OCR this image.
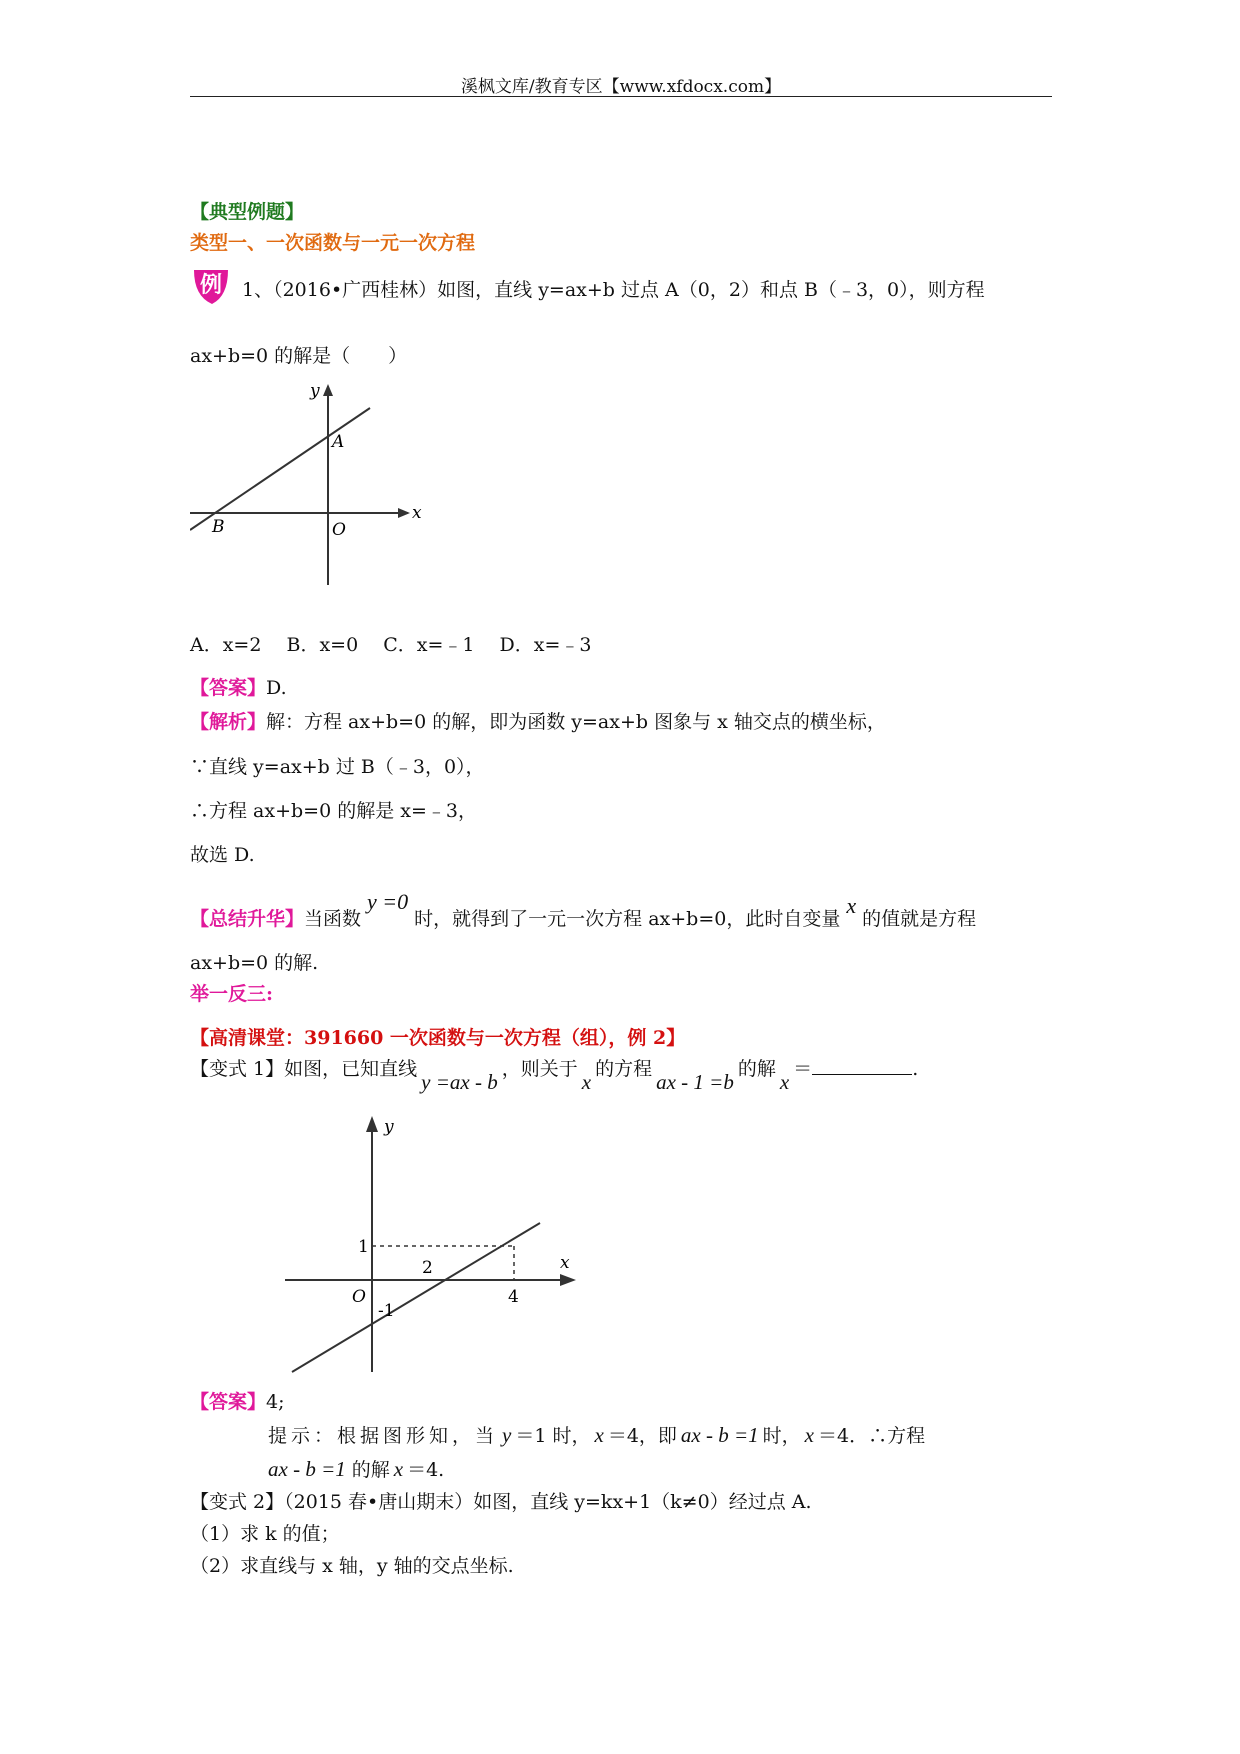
溪枫文库/教育专区【www.xfdocx.com】
【典型例题】
类型一、一次函数与一元一次方程
例 1、（2016•广西桂林）如图，直线 y=ax+b 过点 A（0，2）和点 B（﹣3，0），则方程
ax+b=0 的解是（　　）
y
x
A
B	O
A．x=2　 B．x=0　 C．x=﹣1　 D．x=﹣3
【答案】D.
【解析】解：方程 ax+b=0 的解，即为函数 y=ax+b 图象与 x 轴交点的横坐标，
∵直线 y=ax+b 过 B（﹣3，0），
∴方程 ax+b=0 的解是 x=﹣3，
故选 D.
【总结升华】当函数y =0时，就得到了一元一次方程 ax+b=0，此时自变量x的值就是方程
ax+b=0 的解.
举一反三:
【高清课堂：391660 一次函数与一次方程（组），例 2】
【变式 1】如图，已知直线y =ax - b，则关于x的方程ax - 1 =b的解x＝	.
y
x
O
1
2
4
-1
【答案】4;
提示：根据图形知，当 y ＝1 时， x ＝4，即 ax - b =1 时， x ＝4．∴方程
ax - b =1 的解 x ＝4.
【变式 2】（2015 春•唐山期末）如图，直线 y=kx+1（k≠0）经过点 A.
（1）求 k 的值；
（2）求直线与 x 轴，y 轴的交点坐标.
